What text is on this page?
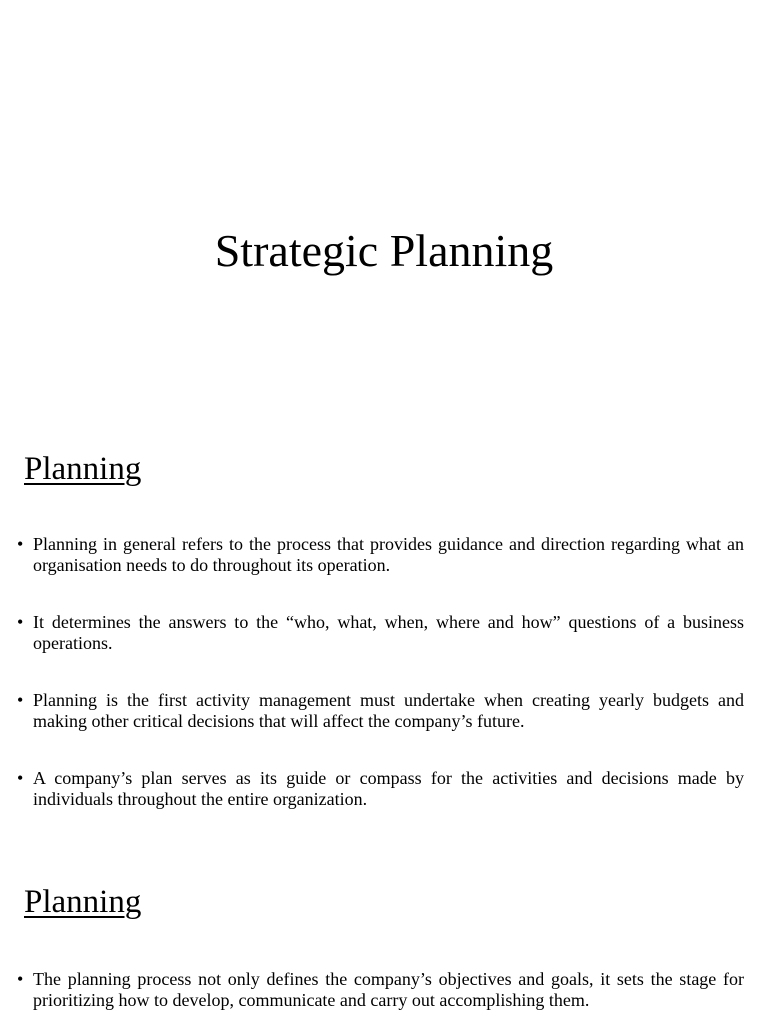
Strategic Planning
Planning
• Planning in general refers to the process that provides guidance and direction regarding what an organisation needs to do throughout its operation.

• It determines the answers to the “who, what, when, where and how” questions of a business operations.

• Planning is the first activity management must undertake when creating yearly budgets and making other critical decisions that will affect the company’s future.

• A company’s plan serves as its guide or compass for the activities and decisions made by individuals throughout the entire organization.

Planning
• The planning process not only defines the company’s objectives and goals, it sets the stage for prioritizing how to develop, communicate and carry out accomplishing them.
